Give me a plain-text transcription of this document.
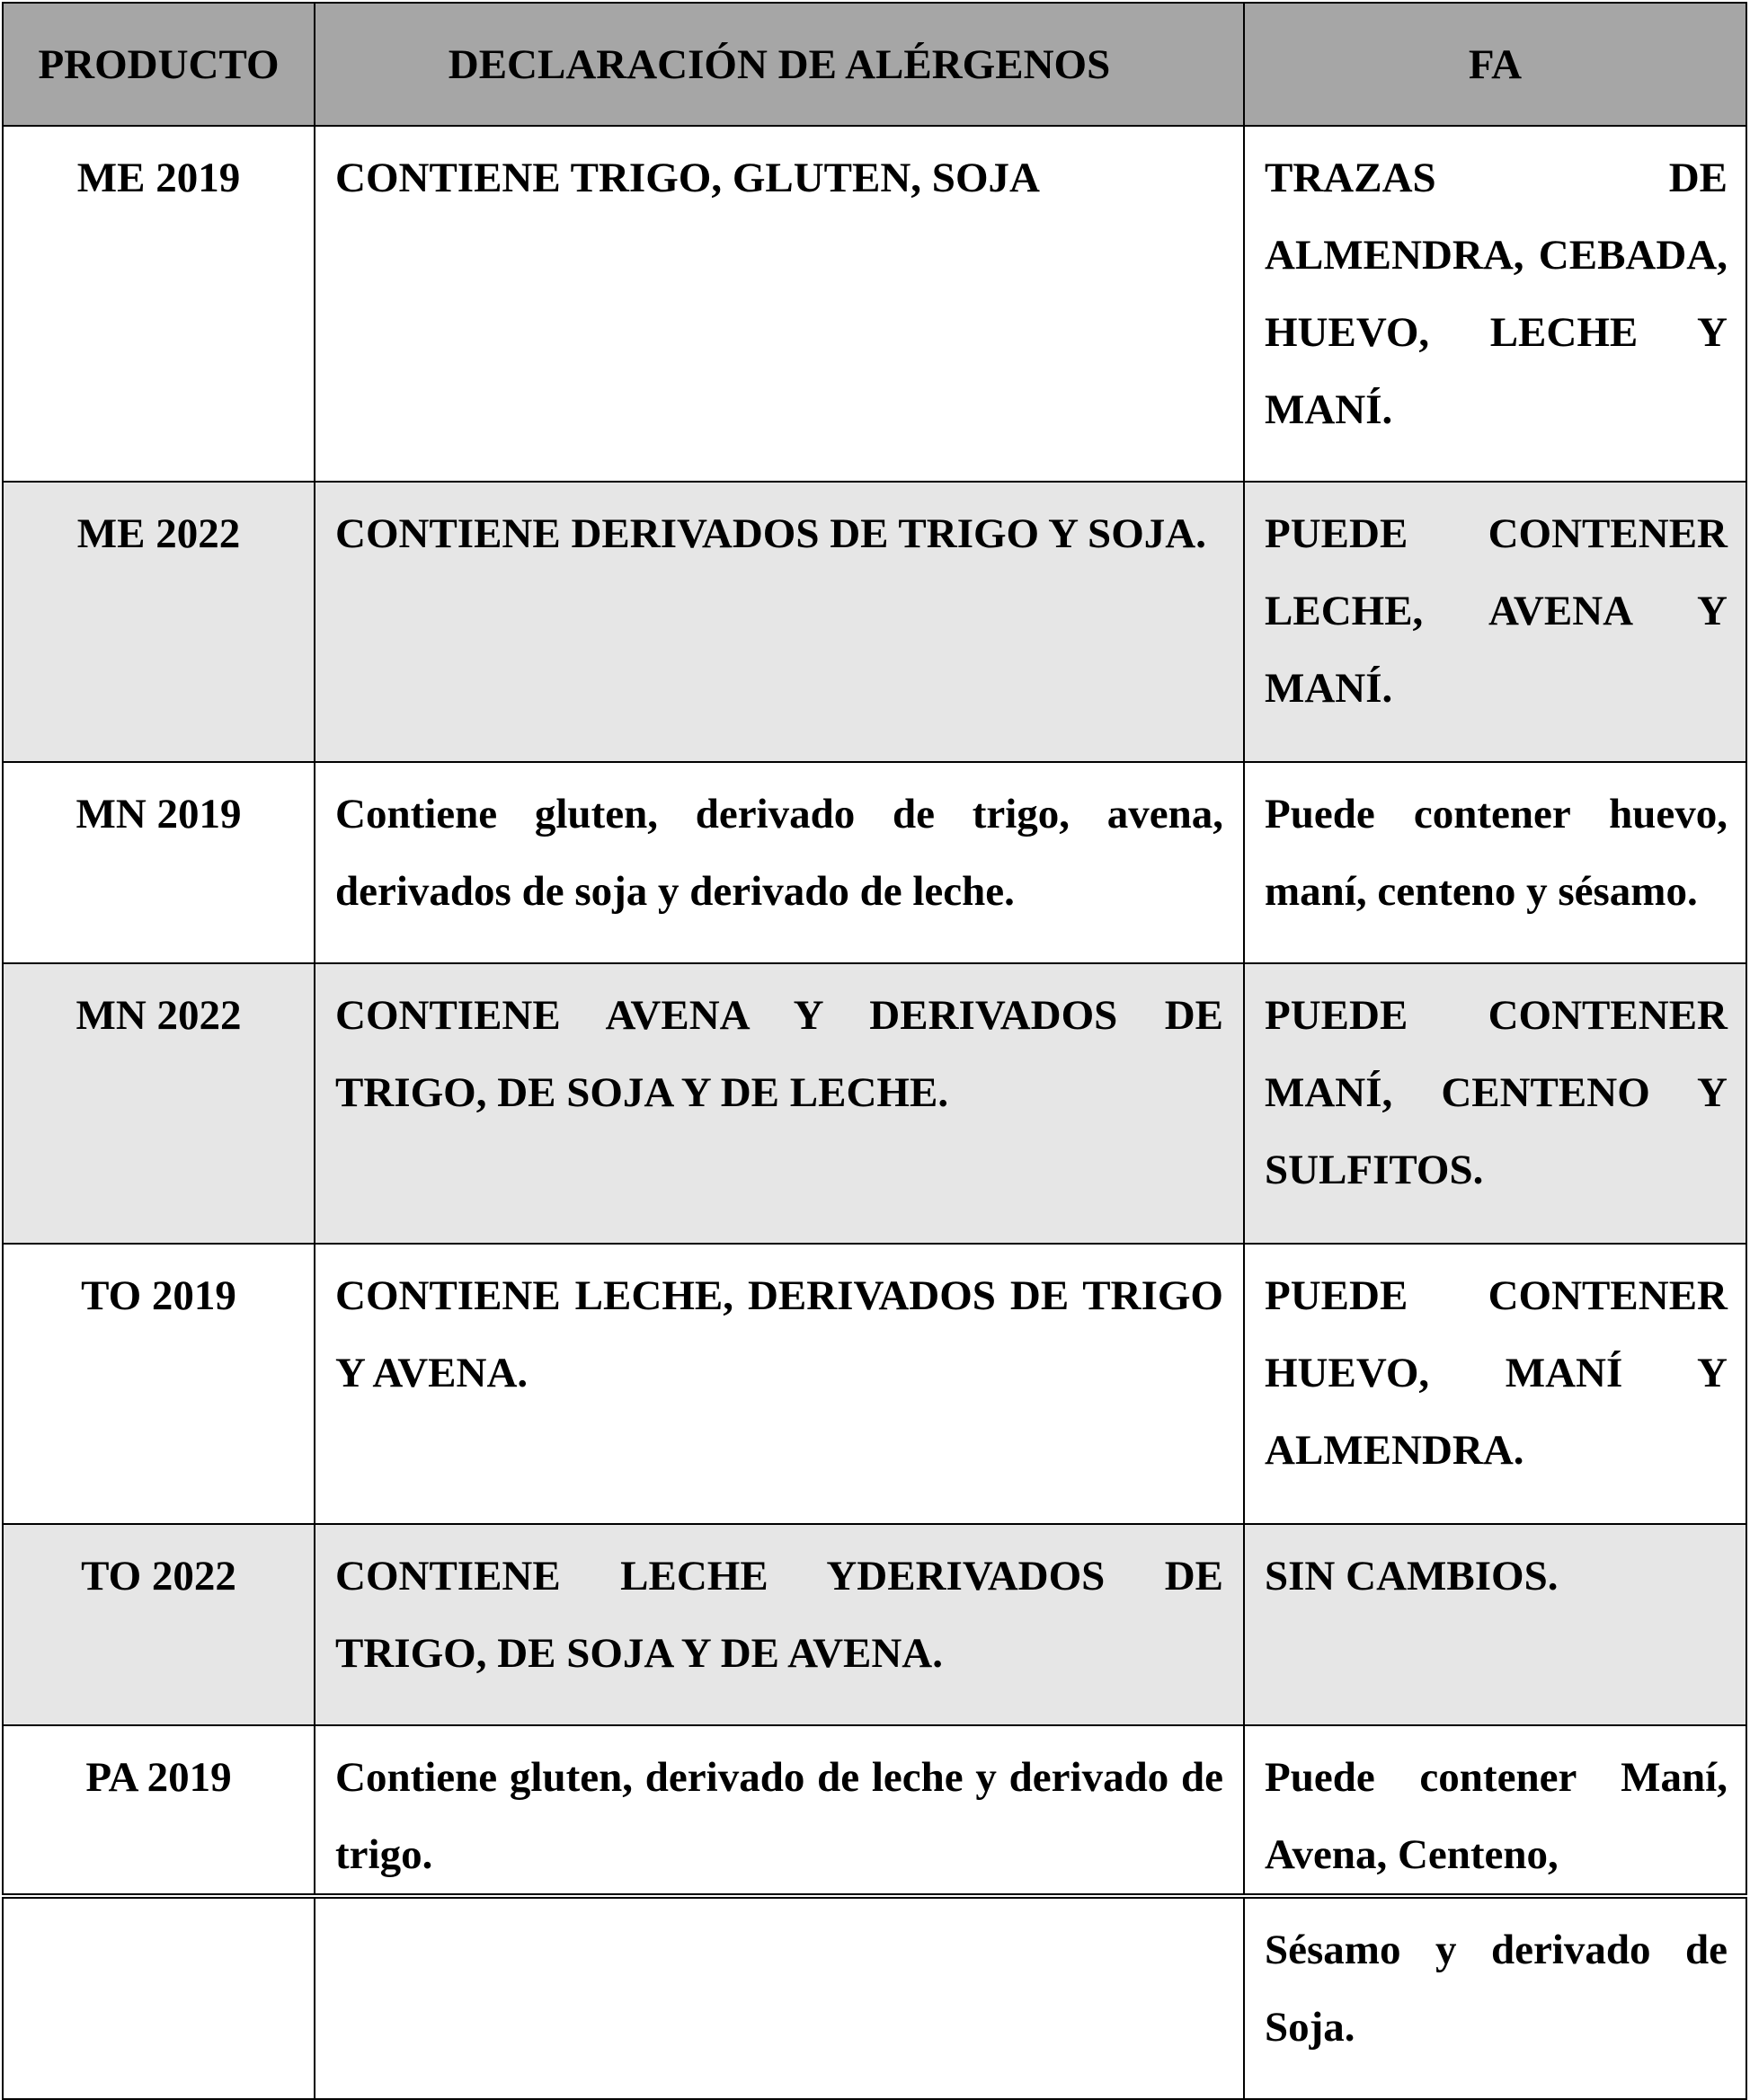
PRODUCTO	DECLARACIÓN DE ALÉRGENOS	FA
ME 2019	CONTIENE TRIGO, GLUTEN, SOJA	TRAZAS DE ALMENDRA, CEBADA, HUEVO, LECHE Y MANÍ.
ME 2022	CONTIENE DERIVADOS DE TRIGO Y SOJA.	PUEDE CONTENER LECHE, AVENA Y MANÍ.
MN 2019	Contiene gluten, derivado de trigo, avena, derivados de soja y derivado de leche.	Puede contener huevo, maní, centeno y sésamo.
MN 2022	CONTIENE AVENA Y DERIVADOS DE TRIGO, DE SOJA Y DE LECHE.	PUEDE CONTENER MANÍ, CENTENO Y SULFITOS.
TO 2019	CONTIENE LECHE, DERIVADOS DE TRIGO Y AVENA.	PUEDE CONTENER HUEVO, MANÍ Y ALMENDRA.
TO 2022	CONTIENE LECHE YDERIVADOS DE TRIGO, DE SOJA Y DE AVENA.	SIN CAMBIOS.
PA 2019	Contiene gluten, derivado de leche y derivado de trigo.	Puede contener Maní, Avena, Centeno,
		Sésamo y derivado de Soja.
